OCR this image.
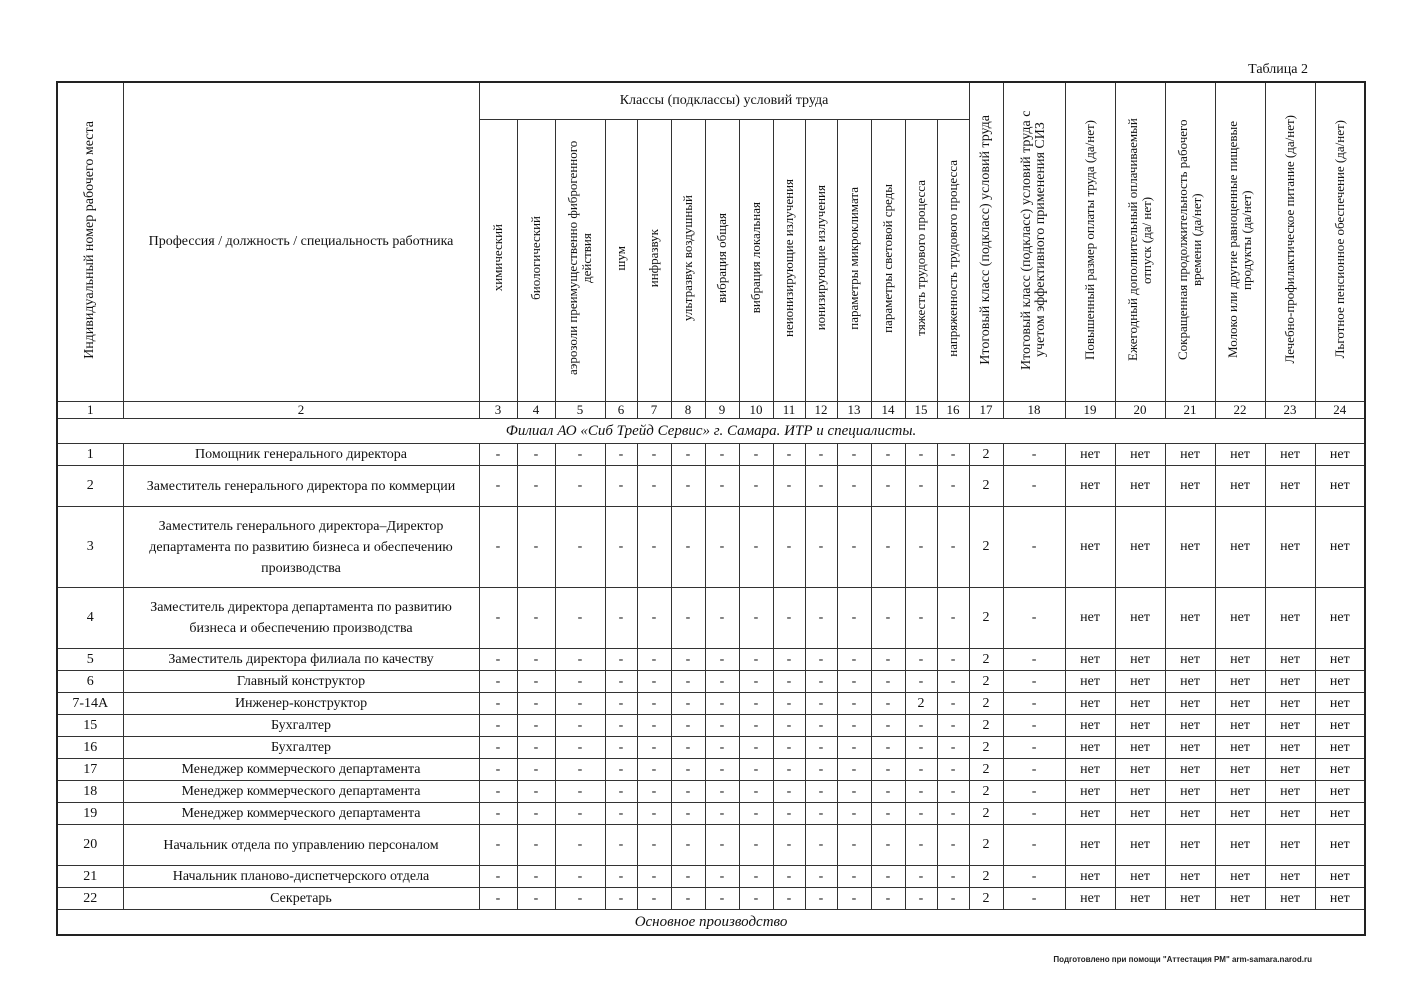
Таблица 2
Индивидуальный номер рабочего места	Профессия / должность / специальность работника	Классы (подклассы) условий труда														Итоговый класс (подкласс) условий труда	Итоговый класс (подкласс) условий труда с учетом эффективного применения СИЗ	Повышенный размер оплаты труда (да/нет)	Ежегодный дополнительный оплачиваемый отпуск (да/ нет)	Сокращенная продолжительность рабочего времени (да/нет)	Молоко или другие равноценные пищевые продукты (да/нет)	Лечебно-профилактическое питание (да/нет)	Льготное пенсионное обеспечение (да/нет)
		химический	биологический	аэрозоли преимущественно фиброгенного действия	шум	инфразвук	ультразвук воздушный	вибрация общая	вибрация локальная	неионизирующие излучения	ионизирующие излучения	параметры микроклимата	параметры световой среды	тяжесть трудового процесса	напряженность трудового процесса								
1	2	3	4	5	6	7	8	9	10	11	12	13	14	15	16	17	18	19	20	21	22	23	24
Филиал АО «Сиб Трейд Сервис» г. Самара. ИТР и специалисты.																							
1	Помощник генерального директора	-	-	-	-	-	-	-	-	-	-	-	-	-	-	2	-	нет	нет	нет	нет	нет	нет
2	Заместитель генерального директора по коммерции	-	-	-	-	-	-	-	-	-	-	-	-	-	-	2	-	нет	нет	нет	нет	нет	нет
3	Заместитель генерального директора–Директор департамента по развитию бизнеса и обеспечению производства	-	-	-	-	-	-	-	-	-	-	-	-	-	-	2	-	нет	нет	нет	нет	нет	нет
4	Заместитель директора департамента по развитию бизнеса и обеспечению производства	-	-	-	-	-	-	-	-	-	-	-	-	-	-	2	-	нет	нет	нет	нет	нет	нет
5	Заместитель директора филиала по качеству	-	-	-	-	-	-	-	-	-	-	-	-	-	-	2	-	нет	нет	нет	нет	нет	нет
6	Главный конструктор	-	-	-	-	-	-	-	-	-	-	-	-	-	-	2	-	нет	нет	нет	нет	нет	нет
7-14А	Инженер-конструктор	-	-	-	-	-	-	-	-	-	-	-	-	2	-	2	-	нет	нет	нет	нет	нет	нет
15	Бухгалтер	-	-	-	-	-	-	-	-	-	-	-	-	-	-	2	-	нет	нет	нет	нет	нет	нет
16	Бухгалтер	-	-	-	-	-	-	-	-	-	-	-	-	-	-	2	-	нет	нет	нет	нет	нет	нет
17	Менеджер коммерческого департамента	-	-	-	-	-	-	-	-	-	-	-	-	-	-	2	-	нет	нет	нет	нет	нет	нет
18	Менеджер коммерческого департамента	-	-	-	-	-	-	-	-	-	-	-	-	-	-	2	-	нет	нет	нет	нет	нет	нет
19	Менеджер коммерческого департамента	-	-	-	-	-	-	-	-	-	-	-	-	-	-	2	-	нет	нет	нет	нет	нет	нет
20	Начальник отдела по управлению персоналом	-	-	-	-	-	-	-	-	-	-	-	-	-	-	2	-	нет	нет	нет	нет	нет	нет
21	Начальник планово-диспетчерского отдела	-	-	-	-	-	-	-	-	-	-	-	-	-	-	2	-	нет	нет	нет	нет	нет	нет
22	Секретарь	-	-	-	-	-	-	-	-	-	-	-	-	-	-	2	-	нет	нет	нет	нет	нет	нет
Основное производство																							
Подготовлено при помощи "Аттестация РМ" arm-samara.narod.ru
